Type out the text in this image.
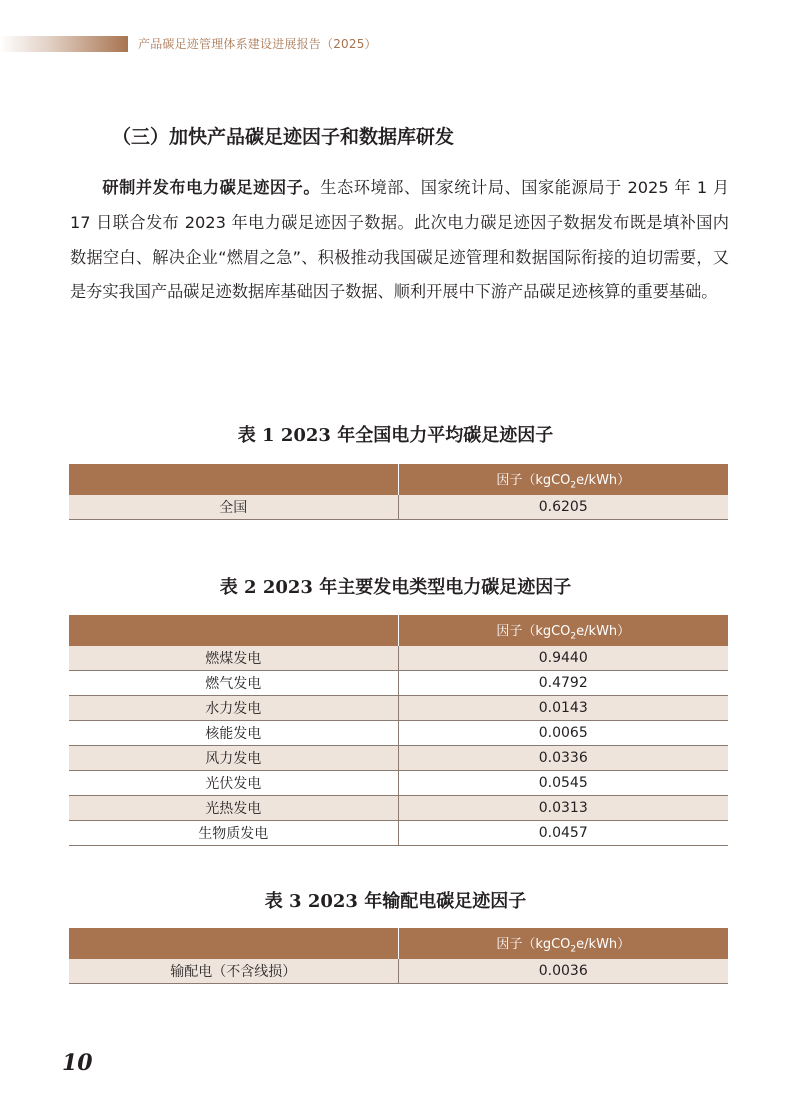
产品碳足迹管理体系建设进展报告（2025）
（三）加快产品碳足迹因子和数据库研发
研制并发布电力碳足迹因子。生态环境部、国家统计局、国家能源局于 2025 年 1 月 17 日联合发布 2023 年电力碳足迹因子数据。此次电力碳足迹因子数据发布既是填补国内数据空白、解决企业“燃眉之急”、积极推动我国碳足迹管理和数据国际衔接的迫切需要，又是夯实我国产品碳足迹数据库基础因子数据、顺利开展中下游产品碳足迹核算的重要基础。
表 1 2023 年全国电力平均碳足迹因子
	因子（kgCO$_2$e/kWh）
全国	0.6205
表 2 2023 年主要发电类型电力碳足迹因子
	因子（kgCO$_2$e/kWh）
燃煤发电	0.9440
燃气发电	0.4792
水力发电	0.0143
核能发电	0.0065
风力发电	0.0336
光伏发电	0.0545
光热发电	0.0313
生物质发电	0.0457
表 3 2023 年输配电碳足迹因子
	因子（kgCO$_2$e/kWh）
输配电（不含线损）	0.0036
10
